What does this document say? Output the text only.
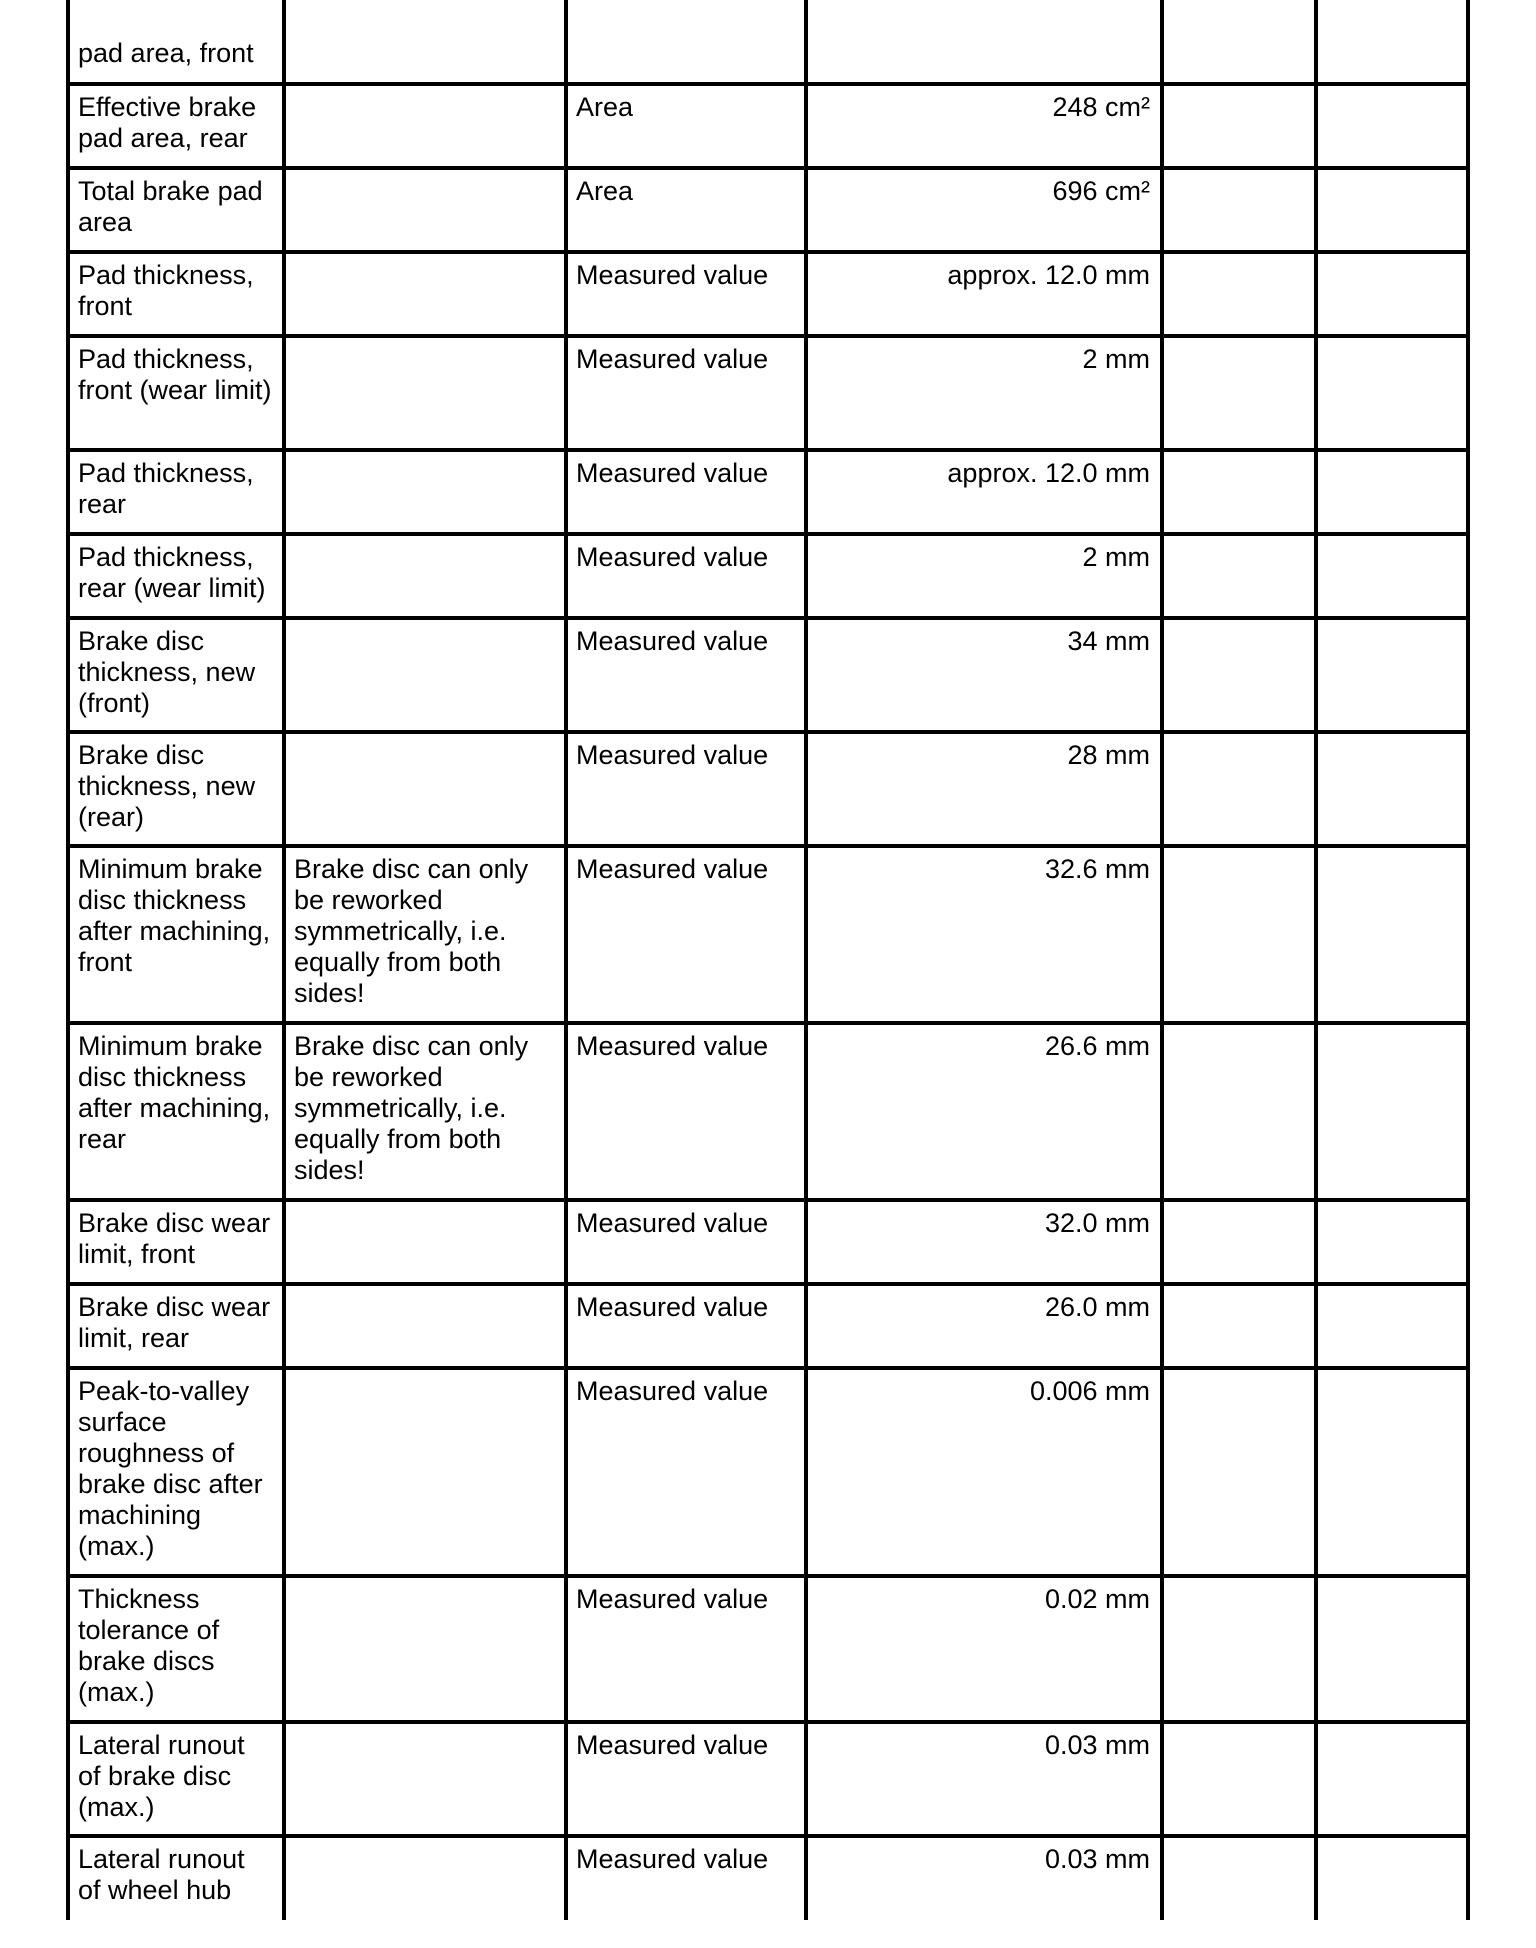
pad area, front					
Effective brake pad area, rear		Area	248 cm²		
Total brake pad area		Area	696 cm²		
Pad thickness, front		Measured value	approx. 12.0 mm		
Pad thickness, front (wear limit)		Measured value	2 mm		
Pad thickness, rear		Measured value	approx. 12.0 mm		
Pad thickness, rear (wear limit)		Measured value	2 mm		
Brake disc thickness, new (front)		Measured value	34 mm		
Brake disc thickness, new (rear)		Measured value	28 mm		
Minimum brake disc thickness after machining, front	Brake disc can only be reworked symmetrically, i.e. equally from both sides!	Measured value	32.6 mm		
Minimum brake disc thickness after machining, rear	Brake disc can only be reworked symmetrically, i.e. equally from both sides!	Measured value	26.6 mm		
Brake disc wear limit, front		Measured value	32.0 mm		
Brake disc wear limit, rear		Measured value	26.0 mm		
Peak-to-valley surface roughness of brake disc after machining (max.)		Measured value	0.006 mm		
Thickness tolerance of brake discs (max.)		Measured value	0.02 mm		
Lateral runout of brake disc (max.)		Measured value	0.03 mm		
Lateral runout of wheel hub		Measured value	0.03 mm		
